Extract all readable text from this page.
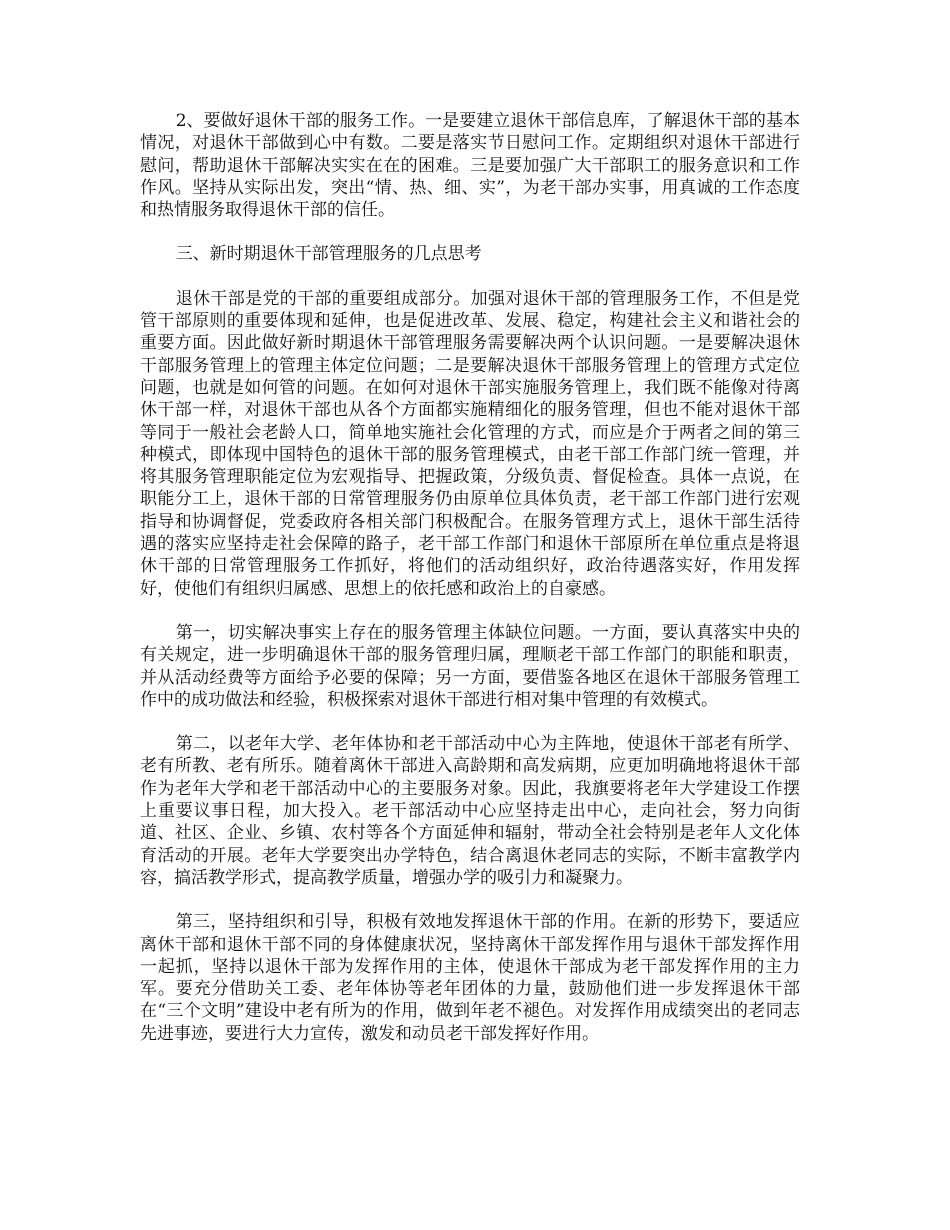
2、要做好退休干部的服务工作。一是要建立退休干部信息库，了解退休干部的基本情况，对退休干部做到心中有数。二要是落实节日慰问工作。定期组织对退休干部进行慰问，帮助退休干部解决实实在在的困难。三是要加强广大干部职工的服务意识和工作作风。坚持从实际出发，突出“情、热、细、实”，为老干部办实事，用真诚的工作态度和热情服务取得退休干部的信任。

三、新时期退休干部管理服务的几点思考

退休干部是党的干部的重要组成部分。加强对退休干部的管理服务工作，不但是党管干部原则的重要体现和延伸，也是促进改革、发展、稳定，构建社会主义和谐社会的重要方面。因此做好新时期退休干部管理服务需要解决两个认识问题。一是要解决退休干部服务管理上的管理主体定位问题；二是要解决退休干部服务管理上的管理方式定位问题，也就是如何管的问题。在如何对退休干部实施服务管理上，我们既不能像对待离休干部一样，对退休干部也从各个方面都实施精细化的服务管理，但也不能对退休干部等同于一般社会老龄人口，简单地实施社会化管理的方式，而应是介于两者之间的第三种模式，即体现中国特色的退休干部的服务管理模式，由老干部工作部门统一管理，并将其服务管理职能定位为宏观指导、把握政策，分级负责、督促检查。具体一点说，在职能分工上，退休干部的日常管理服务仍由原单位具体负责，老干部工作部门进行宏观指导和协调督促，党委政府各相关部门积极配合。在服务管理方式上，退休干部生活待遇的落实应坚持走社会保障的路子，老干部工作部门和退休干部原所在单位重点是将退休干部的日常管理服务工作抓好，将他们的活动组织好，政治待遇落实好，作用发挥好，使他们有组织归属感、思想上的依托感和政治上的自豪感。

第一，切实解决事实上存在的服务管理主体缺位问题。一方面，要认真落实中央的有关规定，进一步明确退休干部的服务管理归属，理顺老干部工作部门的职能和职责，并从活动经费等方面给予必要的保障；另一方面，要借鉴各地区在退休干部服务管理工作中的成功做法和经验，积极探索对退休干部进行相对集中管理的有效模式。

第二，以老年大学、老年体协和老干部活动中心为主阵地，使退休干部老有所学、老有所教、老有所乐。随着离休干部进入高龄期和高发病期，应更加明确地将退休干部作为老年大学和老干部活动中心的主要服务对象。因此，我旗要将老年大学建设工作摆上重要议事日程，加大投入。老干部活动中心应坚持走出中心，走向社会，努力向街道、社区、企业、乡镇、农村等各个方面延伸和辐射，带动全社会特别是老年人文化体育活动的开展。老年大学要突出办学特色，结合离退休老同志的实际，不断丰富教学内容，搞活教学形式，提高教学质量，增强办学的吸引力和凝聚力。

第三，坚持组织和引导，积极有效地发挥退休干部的作用。在新的形势下，要适应离休干部和退休干部不同的身体健康状况，坚持离休干部发挥作用与退休干部发挥作用一起抓，坚持以退休干部为发挥作用的主体，使退休干部成为老干部发挥作用的主力军。要充分借助关工委、老年体协等老年团体的力量，鼓励他们进一步发挥退休干部在“三个文明”建设中老有所为的作用，做到年老不褪色。对发挥作用成绩突出的老同志先进事迹，要进行大力宣传，激发和动员老干部发挥好作用。
